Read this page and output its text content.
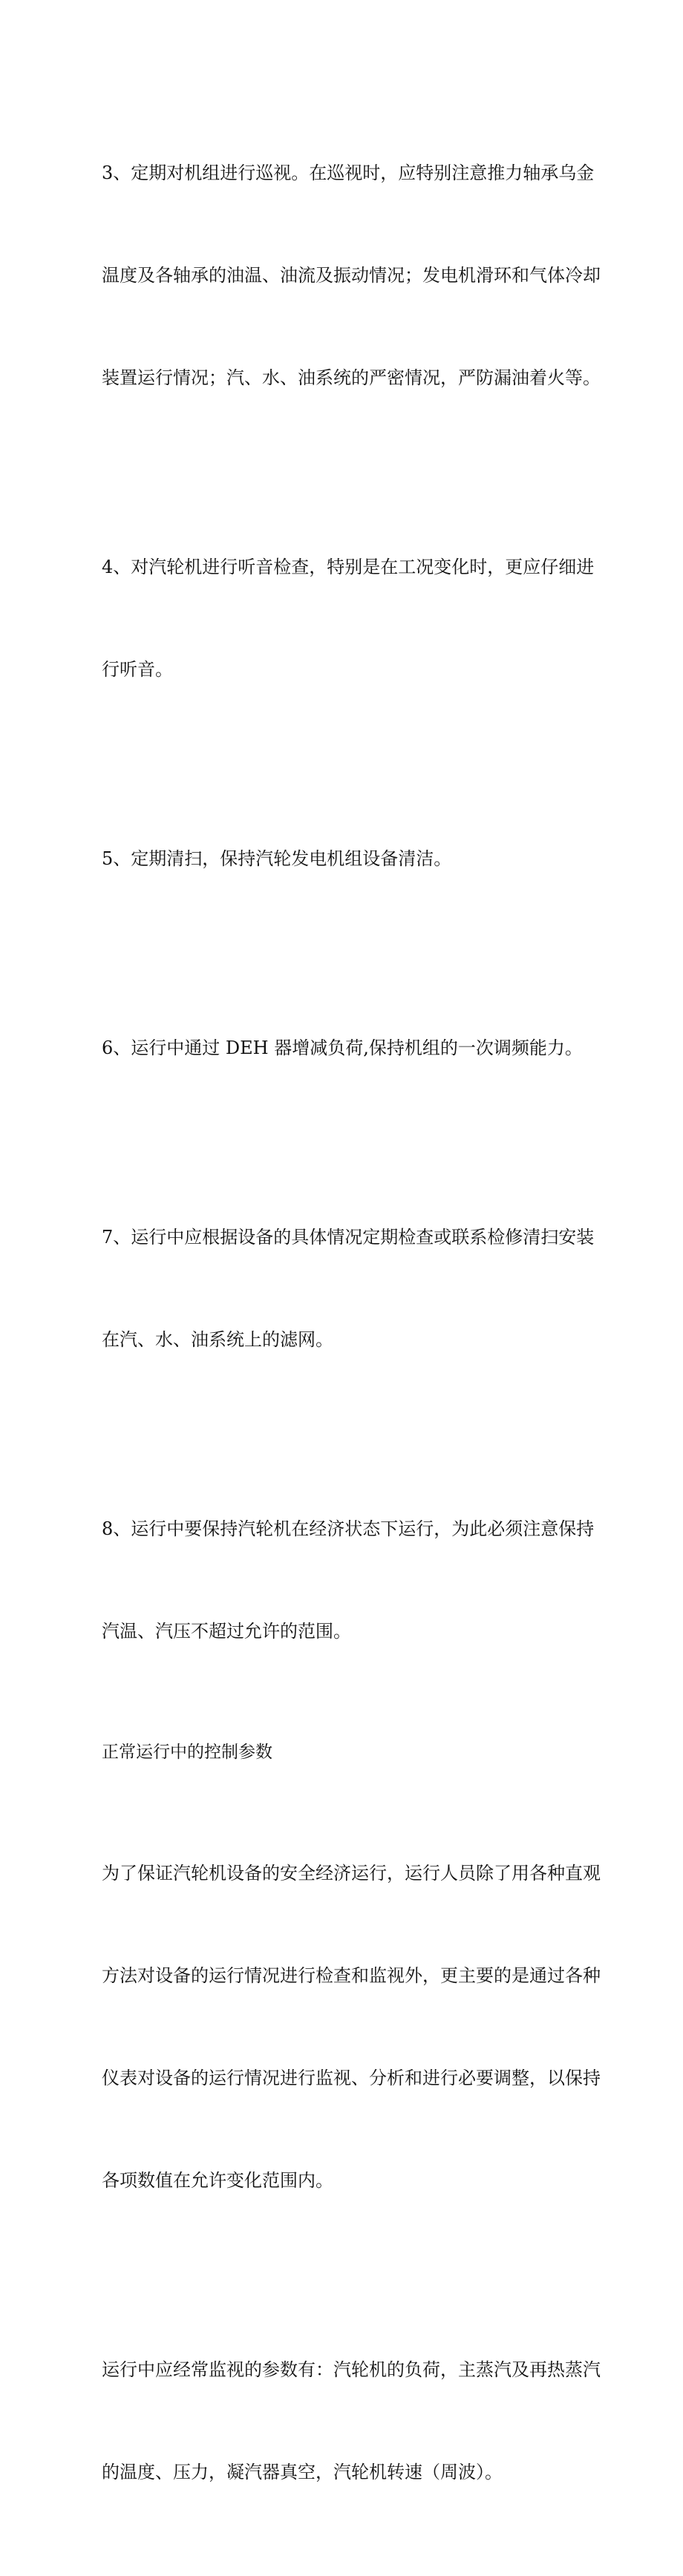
3、定期对机组进行巡视。在巡视时，应特别注意推力轴承乌金

温度及各轴承的油温、油流及振动情况；发电机滑环和气体冷却

装置运行情况；汽、水、油系统的严密情况，严防漏油着火等。

4、对汽轮机进行听音检查，特别是在工况变化时，更应仔细进

行听音。

5、定期清扫，保持汽轮发电机组设备清洁。

6、运行中通过 DEH 器增减负荷,保持机组的一次调频能力。

7、运行中应根据设备的具体情况定期检查或联系检修清扫安装

在汽、水、油系统上的滤网。

8、运行中要保持汽轮机在经济状态下运行，为此必须注意保持

汽温、汽压不超过允许的范围。

正常运行中的控制参数

为了保证汽轮机设备的安全经济运行，运行人员除了用各种直观

方法对设备的运行情况进行检查和监视外，更主要的是通过各种

仪表对设备的运行情况进行监视、分析和进行必要调整，以保持

各项数值在允许变化范围内。

运行中应经常监视的参数有：汽轮机的负荷，主蒸汽及再热蒸汽

的温度、压力，凝汽器真空，汽轮机转速（周波）。
